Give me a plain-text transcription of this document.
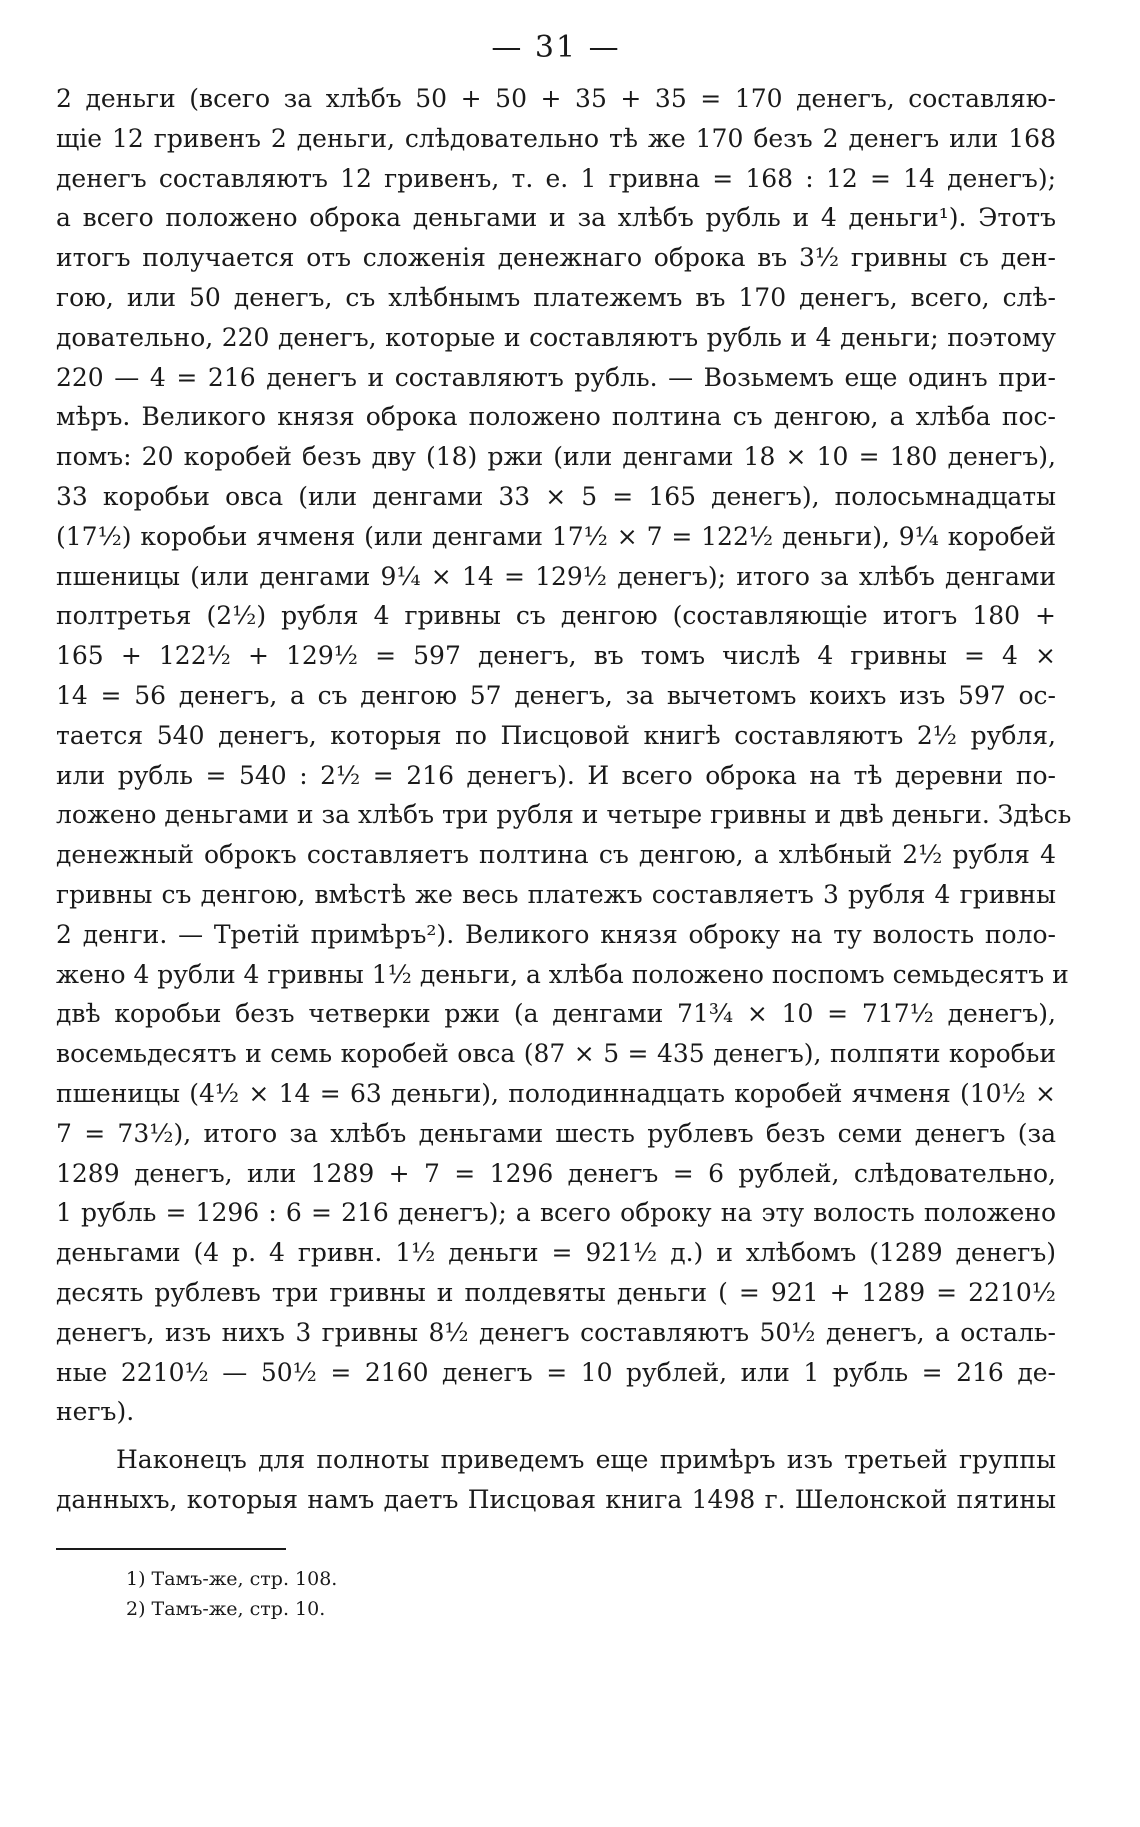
— 31 —
2 деньги (всего за хлѣбъ 50 + 50 + 35 + 35 = 170 денегъ, составляю-
щіе 12 гривенъ 2 деньги, слѣдовательно тѣ же 170 безъ 2 денегъ или 168
денегъ составляютъ 12 гривенъ, т. е. 1 гривна = 168 : 12 = 14 денегъ);
а всего положено оброка деньгами и за хлѣбъ рубль и 4 деньги¹). Этотъ
итогъ получается отъ сложенія денежнаго оброка въ 3½ гривны съ ден-
гою, или 50 денегъ, съ хлѣбнымъ платежемъ въ 170 денегъ, всего, слѣ-
довательно, 220 денегъ, которые и составляютъ рубль и 4 деньги; поэтому
220 — 4 = 216 денегъ и составляютъ рубль. — Возьмемъ еще одинъ при-
мѣръ. Великого князя оброка положено полтина съ денгою, а хлѣба пос-
помъ: 20 коробей безъ дву (18) ржи (или денгами 18 × 10 = 180 денегъ),
33 коробьи овса (или денгами 33 × 5 = 165 денегъ), полосьмнадцаты
(17½) коробьи ячменя (или денгами 17½ × 7 = 122½ деньги), 9¼ коробей
пшеницы (или денгами 9¼ × 14 = 129½ денегъ); итого за хлѣбъ денгами
полтретья (2½) рубля 4 гривны съ денгою (составляющіе итогъ 180 +
165 + 122½ + 129½ = 597 денегъ, въ томъ числѣ 4 гривны = 4 ×
14 = 56 денегъ, а съ денгою 57 денегъ, за вычетомъ коихъ изъ 597 ос-
тается 540 денегъ, которыя по Писцовой книгѣ составляютъ 2½ рубля,
или рубль = 540 : 2½ = 216 денегъ). И всего оброка на тѣ деревни по-
ложено деньгами и за хлѣбъ три рубля и четыре гривны и двѣ деньги. Здѣсь
денежный оброкъ составляетъ полтина съ денгою, а хлѣбный 2½ рубля 4
гривны съ денгою, вмѣстѣ же весь платежъ составляетъ 3 рубля 4 гривны
2 денги. — Третій примѣръ²). Великого князя оброку на ту волость поло-
жено 4 рубли 4 гривны 1½ деньги, а хлѣба положено поспомъ семьдесятъ и
двѣ коробьи безъ четверки ржи (а денгами 71¾ × 10 = 717½ денегъ),
восемьдесятъ и семь коробей овса (87 × 5 = 435 денегъ), полпяти коробьи
пшеницы (4½ × 14 = 63 деньги), полодиннадцать коробей ячменя (10½ ×
7 = 73½), итого за хлѣбъ деньгами шесть рублевъ безъ семи денегъ (за
1289 денегъ, или 1289 + 7 = 1296 денегъ = 6 рублей, слѣдовательно,
1 рубль = 1296 : 6 = 216 денегъ); а всего оброку на эту волость положено
деньгами (4 р. 4 гривн. 1½ деньги = 921½ д.) и хлѣбомъ (1289 денегъ)
десять рублевъ три гривны и полдевяты деньги ( = 921 + 1289 = 2210½
денегъ, изъ нихъ 3 гривны 8½ денегъ составляютъ 50½ денегъ, а осталь-
ные 2210½ — 50½ = 2160 денегъ = 10 рублей, или 1 рубль = 216 де-
негъ).
Наконецъ для полноты приведемъ еще примѣръ изъ третьей группы
данныхъ, которыя намъ даетъ Писцовая книга 1498 г. Шелонской пятины
1) Тамъ-же, стр. 108.
2) Тамъ-же, стр. 10.
